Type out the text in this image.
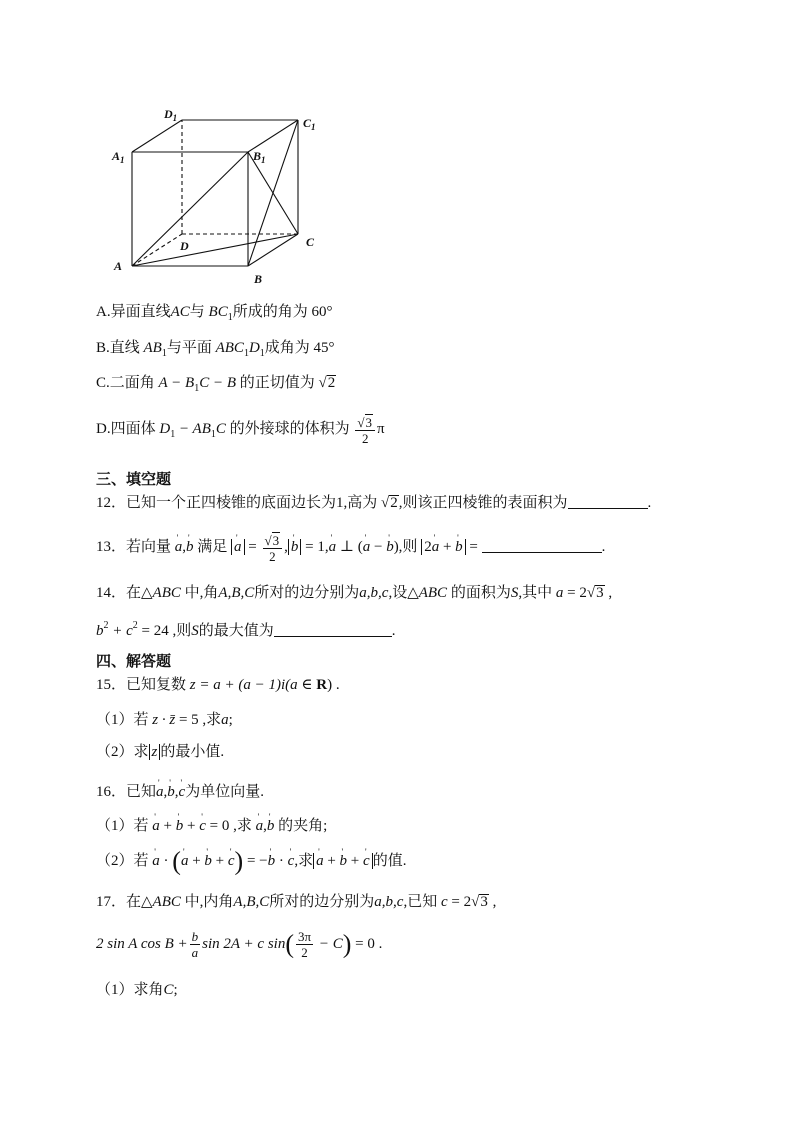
A
B
C
D
$A_1$	$B_1$
$C_1$
$D_1$
A.异面直线AC与 $BC_1$所成的角为 60°
B.直线 $AB_1$与平面 $ABC_1D_1$成角为 45°
C.二面角 $A - B_1C - B$ 的正切值为 √2
D.四面体 $D_1 - AB_1C$ 的外接球的体积为 $\frac{√3}{2}$ π
三、填空题
12．已知一个正四棱锥的底面边长为1,高为 √2,则该正四棱锥的表面积为	.
13．若向量 ' a,' b 满足 ' $a = \frac{√3}{2}$ , ' b = 1,' a ⊥ (' a − ' b),则 2' a + ' b =	.
14．在△ABC 中,角A,B,C所对的边分别为a,b,c,设△ABC 的面积为S,其中 a = 2√3 ,
$b^2 + c^2 = 24$ ,则S的最大值为	.
四、解答题
15．已知复数 z = a + (a − 1)i(a ∈ R) .
（1）若 z · z̄ = 5 ,求a;
（2）求 z 的最小值.
16．已知' a,' b,' c为单位向量.
（1）若 ' a + ' b + ' c = 0 ,求 ' a,' b 的夹角;
（2）若 ' a · (' a + ' b + ' c) = −' b · ' c,求 ' a + ' b + ' c 的值.
17．在△ABC 中,内角A,B,C所对的边分别为a,b,c,已知 c = 2√3 ,
2 sin A $\cos B + \frac{b}{a}$ sin 2A + c $\sin( \frac{3\pi}{2} - C) = 0$ .
（1）求角C;
